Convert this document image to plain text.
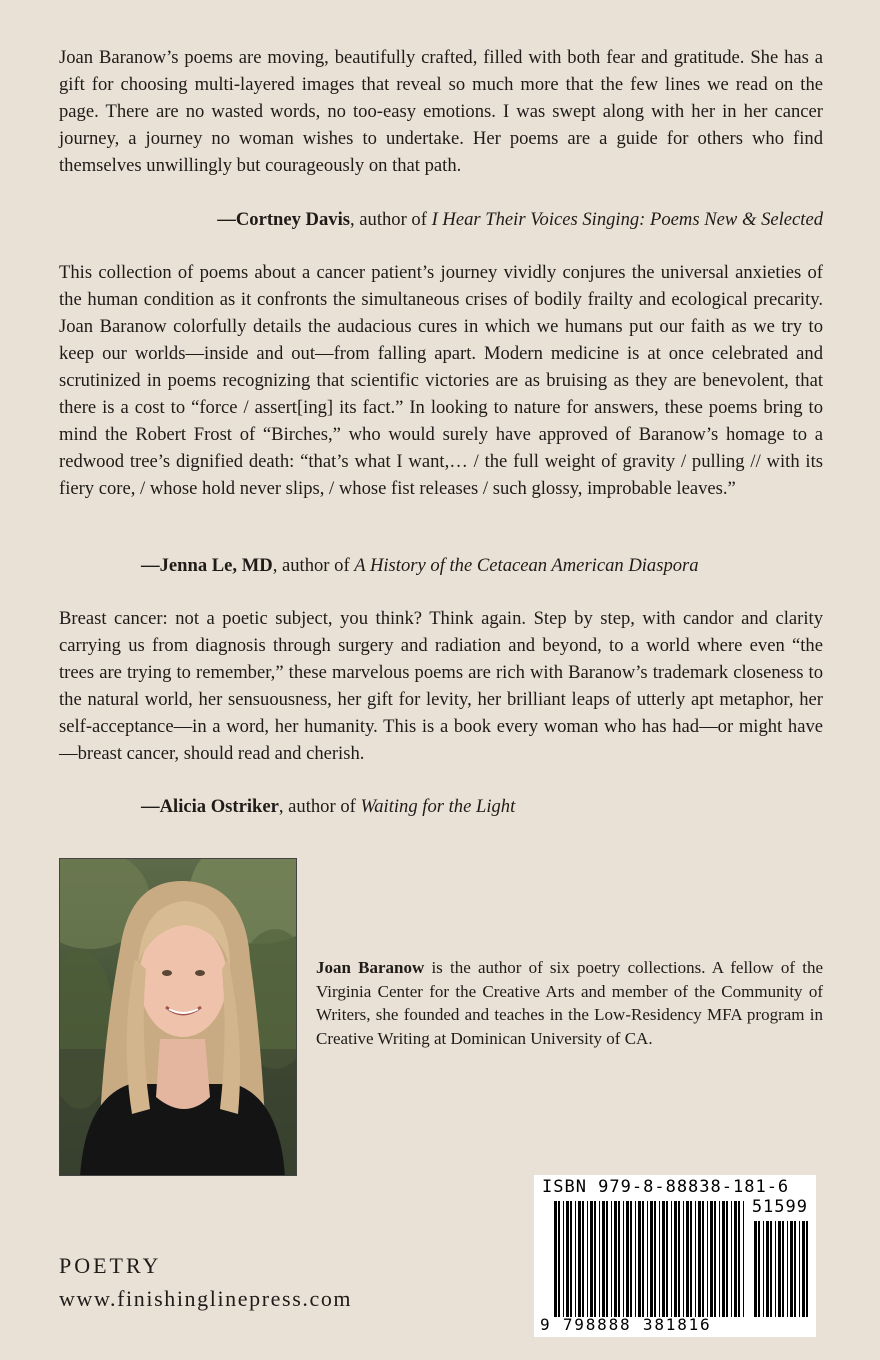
Joan Baranow’s poems are moving, beautifully crafted, filled with both fear and gratitude. She has a gift for choosing multi-layered images that reveal so much more that the few lines we read on the page. There are no wasted words, no too-easy emotions. I was swept along with her in her cancer journey, a journey no woman wishes to undertake. Her poems are a guide for others who find themselves unwillingly but courageously on that path.

—Cortney Davis, author of I Hear Their Voices Singing: Poems New & Selected

This collection of poems about a cancer patient’s journey vividly conjures the universal anxieties of the human condition as it confronts the simultaneous crises of bodily frailty and ecological precarity. Joan Baranow colorfully details the audacious cures in which we humans put our faith as we try to keep our worlds—inside and out—from falling apart. Modern medicine is at once celebrated and scrutinized in poems recognizing that scientific victories are as bruising as they are benevolent, that there is a cost to “force / assert[ing] its fact.” In looking to nature for answers, these poems bring to mind the Robert Frost of “Birches,” who would surely have approved of Baranow’s homage to a redwood tree’s dignified death: “that’s what I want,… / the full weight of gravity / pulling // with its fiery core, / whose hold never slips, / whose fist releases / such glossy, improbable leaves.”

—Jenna Le, MD, author of A History of the Cetacean American Diaspora

Breast cancer: not a poetic subject, you think? Think again. Step by step, with candor and clarity carrying us from diagnosis through surgery and radiation and beyond, to a world where even “the trees are trying to remember,” these marvelous poems are rich with Baranow’s trademark closeness to the natural world, her sensuousness, her gift for levity, her brilliant leaps of utterly apt metaphor, her self-acceptance—in a word, her humanity. This is a book every woman who has had—or might have—breast cancer, should read and cherish.

—Alicia Ostriker, author of Waiting for the Light

Joan Baranow is the author of six poetry collections. A fellow of the Virginia Center for the Creative Arts and member of the Community of Writers, she founded and teaches in the Low-Residency MFA program in Creative Writing at Dominican University of CA.

POETRY
www.finishinglinepress.com
ISBN 979-8-88838-181-6
51599
9 798888 381816
